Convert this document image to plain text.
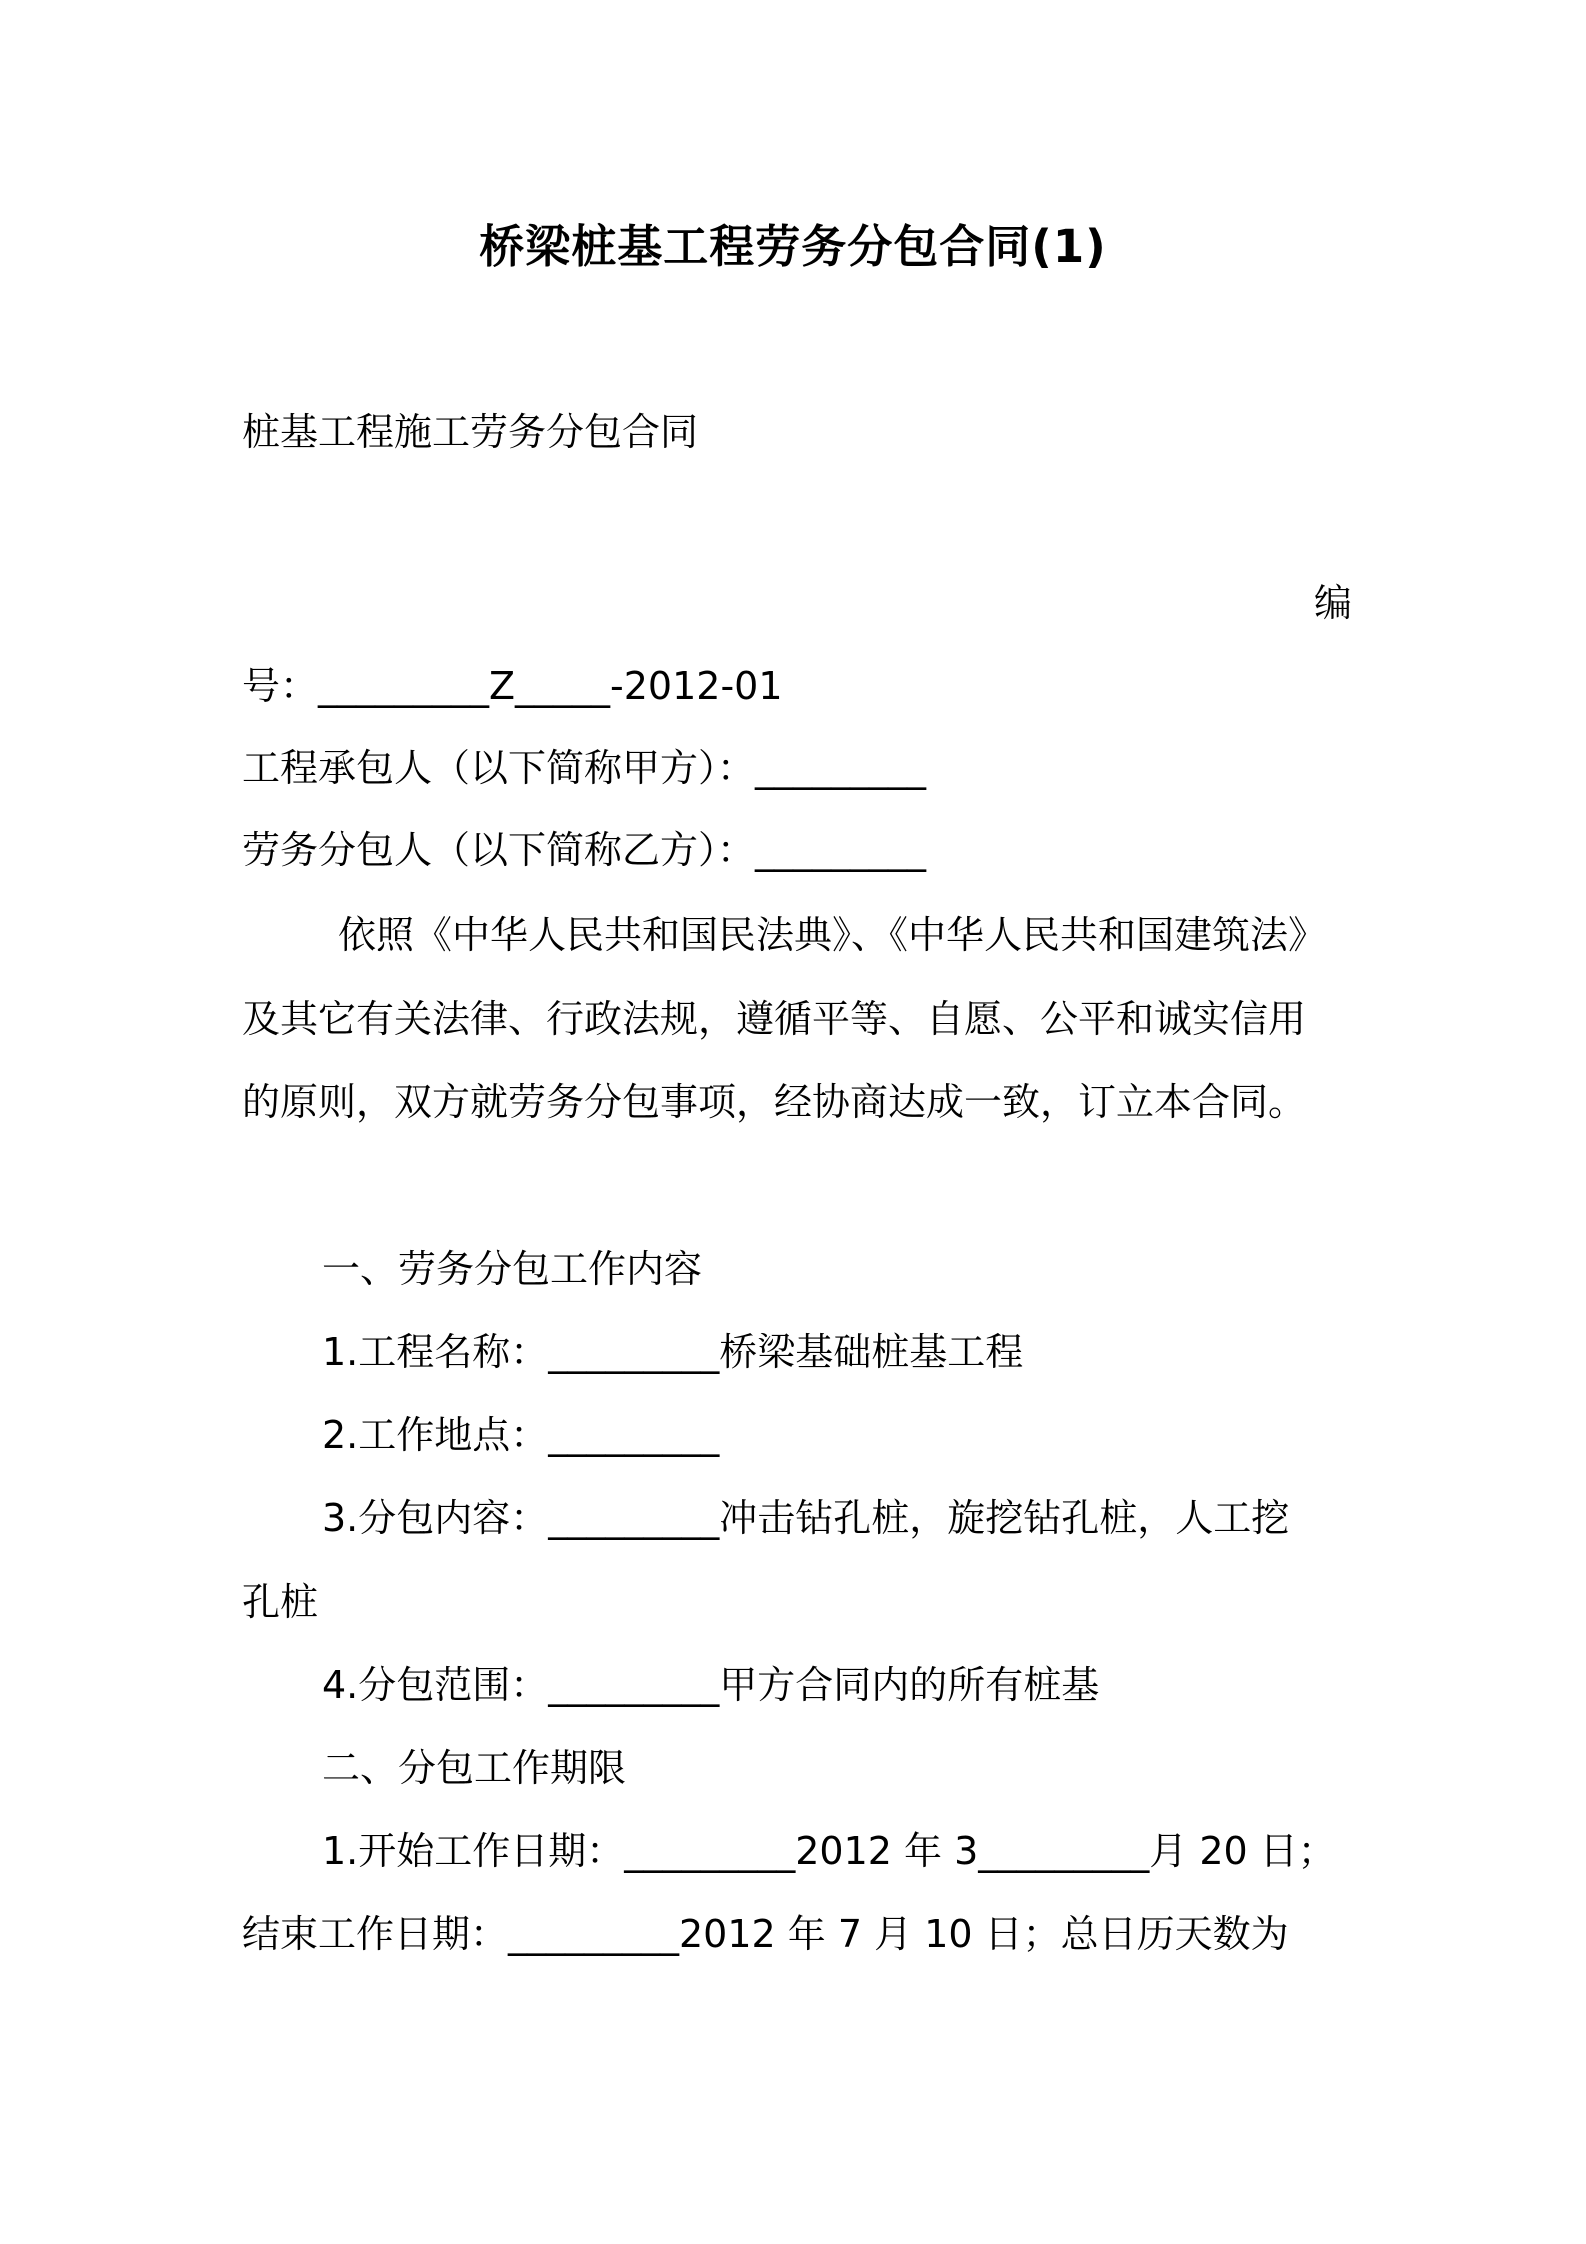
桥梁桩基工程劳务分包合同(1)
桩基工程施工劳务分包合同
编
号：_________Z_____-2012-01
工程承包人（以下简称甲方）：_________
劳务分包人（以下简称乙方）：_________
依照《中华人民共和国民法典》、《中华人民共和国建筑法》
及其它有关法律、行政法规，遵循平等、自愿、公平和诚实信用
的原则，双方就劳务分包事项，经协商达成一致，订立本合同。
一、劳务分包工作内容
1.工程名称：_________桥梁基础桩基工程
2.工作地点：_________
3.分包内容：_________冲击钻孔桩，旋挖钻孔桩，人工挖
孔桩
4.分包范围：_________甲方合同内的所有桩基
二、分包工作期限
1.开始工作日期：_________2012 年 3_________月 20 日；
结束工作日期：_________2012 年 7 月 10 日；总日历天数为
